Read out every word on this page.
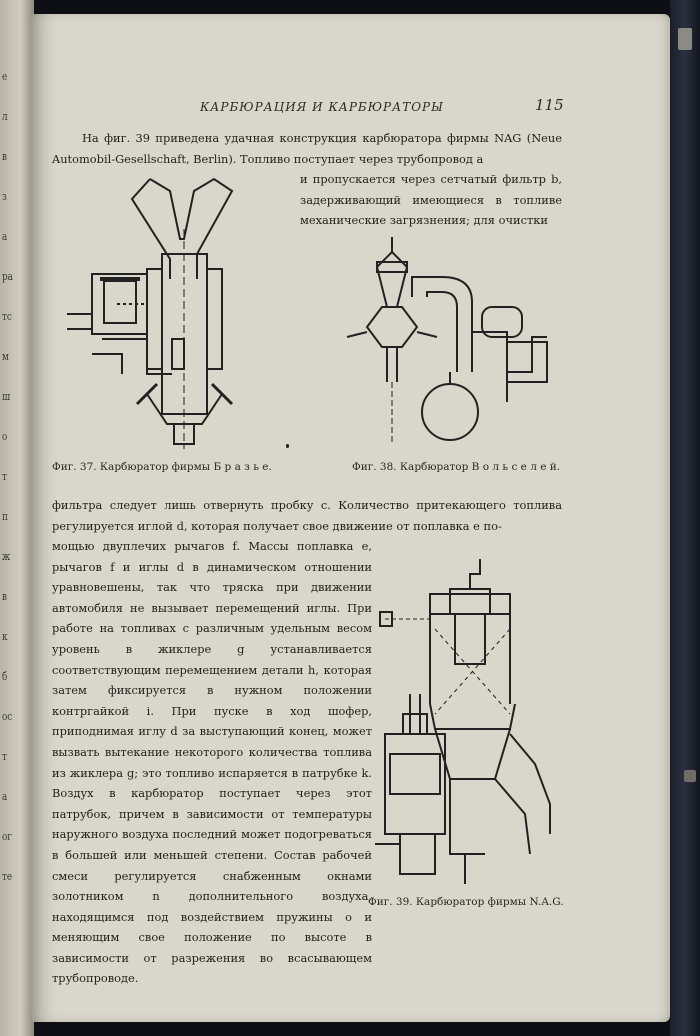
е
л
в
з
а
ра
тс
м
ш
о
т
п
ж
в
к
б
ос
т
а
ог
те
КАРБЮРАЦИЯ И КАРБЮРАТОРЫ	115

На фиг. 39 приведена удачная конструкция карбюратора фирмы NAG (Neue Automobil-Gesellschaft, Berlin). Топливо поступает через трубопровод a

и пропускается через сетчатый фильтр b, задерживающий имеющиеся в топливе механические загрязнения; для очистки

Фиг. 37. Карбюратор фирмы Б р а з ь е.	Фиг. 38. Карбюратор В о л ь с е л е й.

фильтра следует лишь отвернуть пробку c. Количество притекающего топлива регулируется иглой d, которая получает свое движение от поплавка e по-

мощью двуплечих рычагов f. Массы поплавка e, рычагов f и иглы d в динамическом отношении уравновешены, так что тряска при движении автомобиля не вызывает перемещений иглы. При работе на топливах с различным удельным весом уровень в жиклере g устанавливается соответствующим перемещением детали h, которая затем фиксируется в нужном положении контргайкой i. При пуске в ход шофер, приподнимая иглу d за выступающий конец, может вызвать вытекание некоторого количества топлива из жиклера g; это топливо испаряется в патрубке k. Воздух в карбюратор поступает через этот патрубок, причем в зависимости от температуры наружного воздуха последний может подогреваться в большей или меньшей степени. Состав рабочей смеси регулируется снабженным окнами золотником n дополнительного воздуха, находящимся под воздействием пружины o и меняющим свое положение по высоте в зависимости от разрежения во всасывающем трубопроводе.

Фиг. 39. Карбюратор фирмы N.A.G.
